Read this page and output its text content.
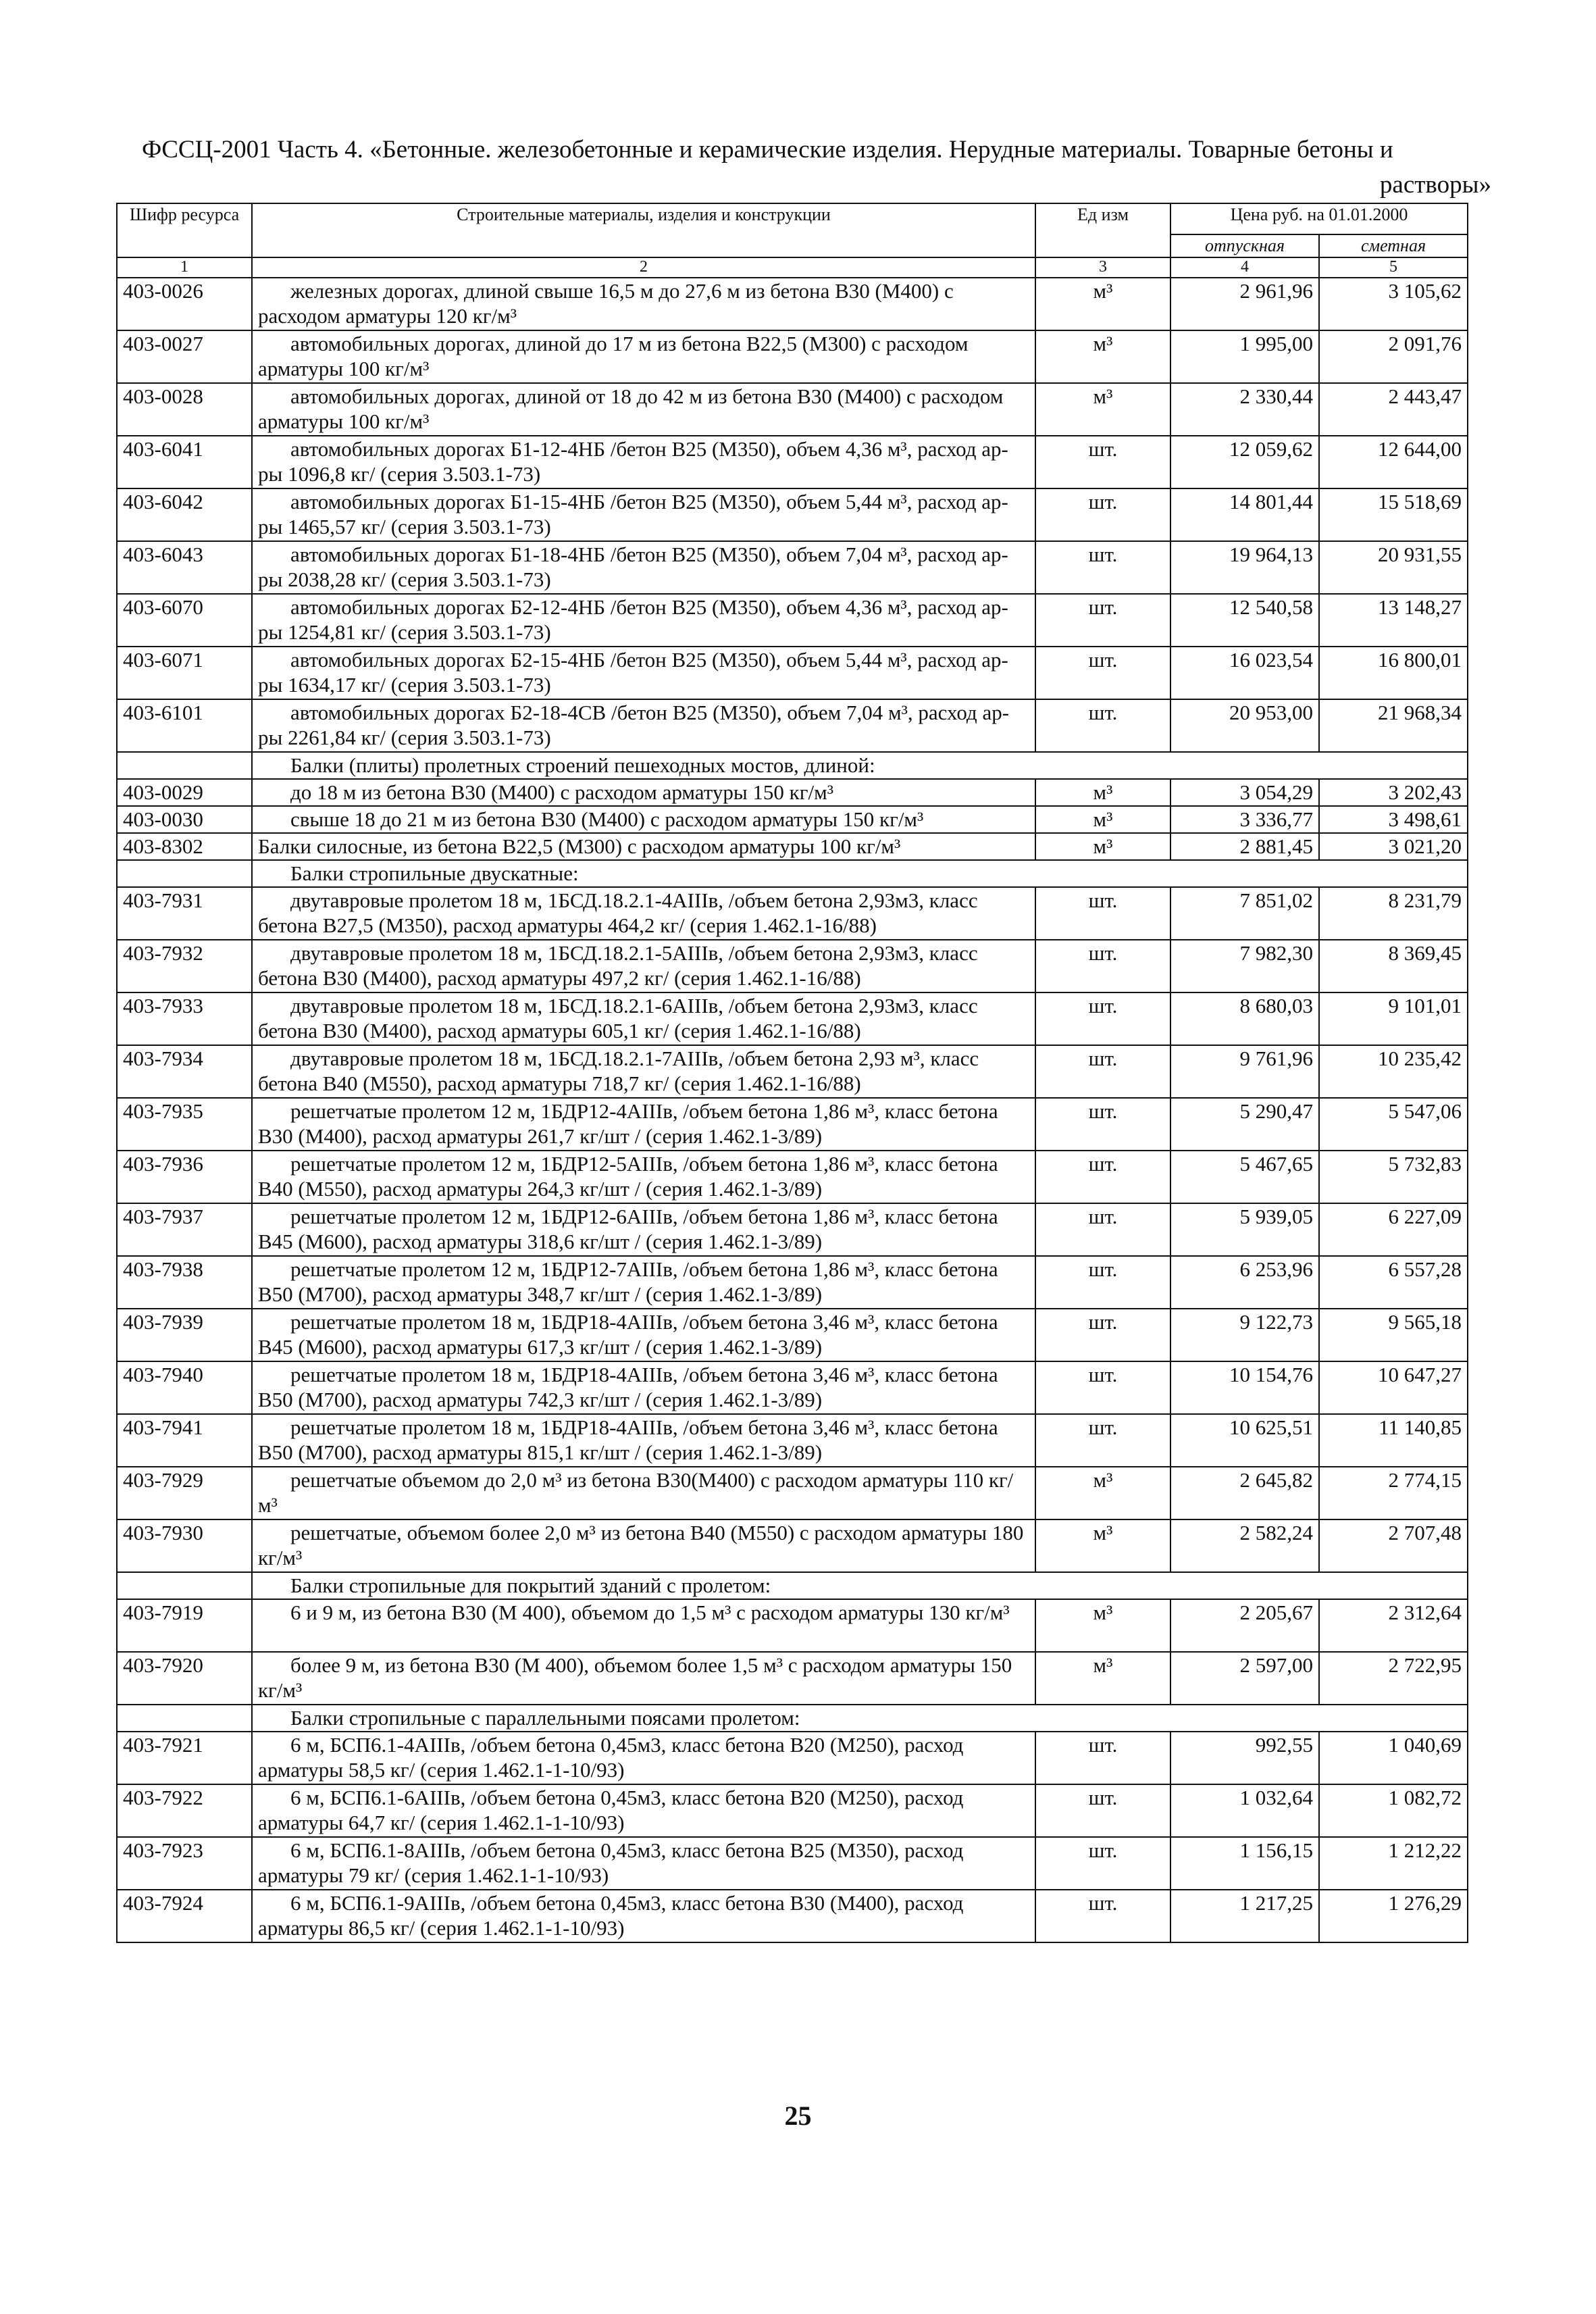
ФССЦ-2001 Часть 4. «Бетонные. железобетонные и керамические изделия. Нерудные материалы. Товарные бетоны и
растворы»
Шифр ресурса	Строительные материалы, изделия и конструкции	Ед изм	Цена руб. на 01.01.2000	
			отпускная	сметная
1	2	3	4	5
403-0026	железных дорогах, длиной свыше 16,5 м до 27,6 м из бетона В30 (М400) с расходом арматуры 120 кг/м³	м³	2 961,96	3 105,62
403-0027	автомобильных дорогах, длиной до 17 м из бетона В22,5 (М300) с расходом арматуры 100 кг/м³	м³	1 995,00	2 091,76
403-0028	автомобильных дорогах, длиной от 18 до 42 м из бетона В30 (М400) с расходом арматуры 100 кг/м³	м³	2 330,44	2 443,47
403-6041	автомобильных дорогах Б1-12-4НБ /бетон В25 (М350), объем 4,36 м³, расход ар-ры 1096,8 кг/ (серия 3.503.1-73)	шт.	12 059,62	12 644,00
403-6042	автомобильных дорогах Б1-15-4НБ /бетон В25 (М350), объем 5,44 м³, расход ар-ры 1465,57 кг/ (серия 3.503.1-73)	шт.	14 801,44	15 518,69
403-6043	автомобильных дорогах Б1-18-4НБ /бетон В25 (М350), объем 7,04 м³, расход ар-ры 2038,28 кг/ (серия 3.503.1-73)	шт.	19 964,13	20 931,55
403-6070	автомобильных дорогах Б2-12-4НБ /бетон В25 (М350), объем 4,36 м³, расход ар-ры 1254,81 кг/ (серия 3.503.1-73)	шт.	12 540,58	13 148,27
403-6071	автомобильных дорогах Б2-15-4НБ /бетон В25 (М350), объем 5,44 м³, расход ар-ры 1634,17 кг/ (серия 3.503.1-73)	шт.	16 023,54	16 800,01
403-6101	автомобильных дорогах Б2-18-4СВ /бетон В25 (М350), объем 7,04 м³, расход ар-ры 2261,84 кг/ (серия 3.503.1-73)	шт.	20 953,00	21 968,34
	Балки (плиты) пролетных строений пешеходных мостов, длиной:			
403-0029	до 18 м из бетона В30 (М400) с расходом арматуры 150 кг/м³	м³	3 054,29	3 202,43
403-0030	свыше 18 до 21 м из бетона В30 (М400) с расходом арматуры 150 кг/м³	м³	3 336,77	3 498,61
403-8302	Балки силосные, из бетона В22,5 (М300) с расходом арматуры 100 кг/м³	м³	2 881,45	3 021,20
	Балки стропильные двускатные:			
403-7931	двутавровые пролетом 18 м, 1БСД.18.2.1-4АIIIв, /объем бетона 2,93м3, класс бетона В27,5 (М350), расход арматуры 464,2 кг/ (серия 1.462.1-16/88)	шт.	7 851,02	8 231,79
403-7932	двутавровые пролетом 18 м, 1БСД.18.2.1-5АIIIв, /объем бетона 2,93м3, класс бетона В30 (М400), расход арматуры 497,2 кг/ (серия 1.462.1-16/88)	шт.	7 982,30	8 369,45
403-7933	двутавровые пролетом 18 м, 1БСД.18.2.1-6АIIIв, /объем бетона 2,93м3, класс бетона В30 (М400), расход арматуры 605,1 кг/ (серия 1.462.1-16/88)	шт.	8 680,03	9 101,01
403-7934	двутавровые пролетом 18 м, 1БСД.18.2.1-7АIIIв, /объем бетона 2,93 м³, класс бетона В40 (М550), расход арматуры 718,7 кг/ (серия 1.462.1-16/88)	шт.	9 761,96	10 235,42
403-7935	решетчатые пролетом 12 м, 1БДР12-4АIIIв, /объем бетона 1,86 м³, класс бетона В30 (М400), расход арматуры 261,7 кг/шт / (серия 1.462.1-3/89)	шт.	5 290,47	5 547,06
403-7936	решетчатые пролетом 12 м, 1БДР12-5АIIIв, /объем бетона 1,86 м³, класс бетона В40 (М550), расход арматуры 264,3 кг/шт / (серия 1.462.1-3/89)	шт.	5 467,65	5 732,83
403-7937	решетчатые пролетом 12 м, 1БДР12-6АIIIв, /объем бетона 1,86 м³, класс бетона В45 (М600), расход арматуры 318,6 кг/шт / (серия 1.462.1-3/89)	шт.	5 939,05	6 227,09
403-7938	решетчатые пролетом 12 м, 1БДР12-7АIIIв, /объем бетона 1,86 м³, класс бетона В50 (М700), расход арматуры 348,7 кг/шт / (серия 1.462.1-3/89)	шт.	6 253,96	6 557,28
403-7939	решетчатые пролетом 18 м, 1БДР18-4АIIIв, /объем бетона 3,46 м³, класс бетона В45 (М600), расход арматуры 617,3 кг/шт / (серия 1.462.1-3/89)	шт.	9 122,73	9 565,18
403-7940	решетчатые пролетом 18 м, 1БДР18-4АIIIв, /объем бетона 3,46 м³, класс бетона В50 (М700), расход арматуры 742,3 кг/шт / (серия 1.462.1-3/89)	шт.	10 154,76	10 647,27
403-7941	решетчатые пролетом 18 м, 1БДР18-4АIIIв, /объем бетона 3,46 м³, класс бетона В50 (М700), расход арматуры 815,1 кг/шт / (серия 1.462.1-3/89)	шт.	10 625,51	11 140,85
403-7929	решетчатые объемом до 2,0 м³ из бетона В30(М400) с расходом арматуры 110 кг/м³	м³	2 645,82	2 774,15
403-7930	решетчатые, объемом более 2,0 м³ из бетона В40 (М550) с расходом арматуры 180 кг/м³	м³	2 582,24	2 707,48
	Балки стропильные для покрытий зданий с пролетом:			
403-7919	6 и 9 м, из бетона В30 (М 400), объемом до 1,5 м³ с расходом арматуры 130 кг/м³	м³	2 205,67	2 312,64
403-7920	более 9 м, из бетона В30 (М 400), объемом более 1,5 м³ с расходом арматуры 150 кг/м³	м³	2 597,00	2 722,95
	Балки стропильные с параллельными поясами пролетом:			
403-7921	6 м, БСП6.1-4АIIIв, /объем бетона 0,45м3, класс бетона В20 (М250), расход арматуры 58,5 кг/ (серия 1.462.1-1-10/93)	шт.	992,55	1 040,69
403-7922	6 м, БСП6.1-6АIIIв, /объем бетона 0,45м3, класс бетона В20 (М250), расход арматуры 64,7 кг/ (серия 1.462.1-1-10/93)	шт.	1 032,64	1 082,72
403-7923	6 м, БСП6.1-8АIIIв, /объем бетона 0,45м3, класс бетона В25 (М350), расход арматуры 79 кг/ (серия 1.462.1-1-10/93)	шт.	1 156,15	1 212,22
403-7924	6 м, БСП6.1-9АIIIв, /объем бетона 0,45м3, класс бетона В30 (М400), расход арматуры 86,5 кг/ (серия 1.462.1-1-10/93)	шт.	1 217,25	1 276,29
25
